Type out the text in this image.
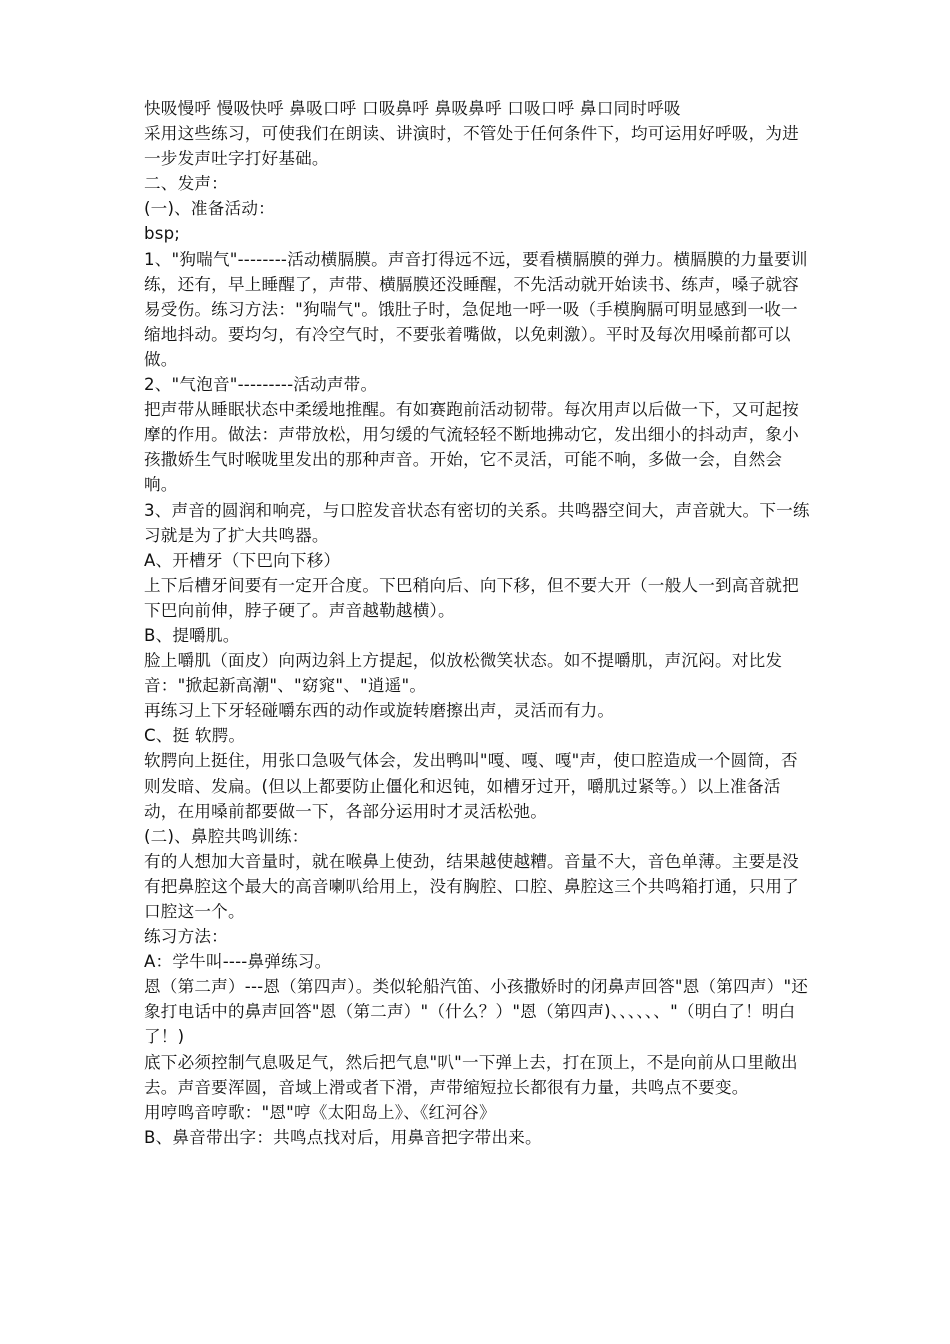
快吸慢呼 慢吸快呼 鼻吸口呼 口吸鼻呼 鼻吸鼻呼 口吸口呼 鼻口同时呼吸

采用这些练习，可使我们在朗读、讲演时，不管处于任何条件下，均可运用好呼吸，为进一步发声吐字打好基础。

二、发声：

(一)、准备活动：

bsp;

1、"狗喘气"--------活动横膈膜。声音打得远不远，要看横膈膜的弹力。横膈膜的力量要训练，还有，早上睡醒了，声带、横膈膜还没睡醒，不先活动就开始读书、练声，嗓子就容易受伤。练习方法："狗喘气"。饿肚子时，急促地一呼一吸（手模胸膈可明显感到一收一缩地抖动。要均匀，有冷空气时，不要张着嘴做，以免刺激）。平时及每次用嗓前都可以做。

2、"气泡音"---------活动声带。

把声带从睡眠状态中柔缓地推醒。有如赛跑前活动韧带。每次用声以后做一下，又可起按摩的作用。做法：声带放松，用匀缓的气流轻轻不断地拂动它，发出细小的抖动声，象小孩撒娇生气时喉咙里发出的那种声音。开始，它不灵活，可能不响，多做一会，自然会响。

3、声音的圆润和响亮，与口腔发音状态有密切的关系。共鸣器空间大，声音就大。下一练习就是为了扩大共鸣器。

A、开槽牙（下巴向下移）

上下后槽牙间要有一定开合度。下巴稍向后、向下移，但不要大开（一般人一到高音就把下巴向前伸，脖子硬了。声音越勒越横）。

B、提嚼肌。

脸上嚼肌（面皮）向两边斜上方提起，似放松微笑状态。如不提嚼肌，声沉闷。对比发音："掀起新高潮"、"窈窕"、"逍遥"。

再练习上下牙轻碰嚼东西的动作或旋转磨擦出声，灵活而有力。

C、挺 软腭。

软腭向上挺住，用张口急吸气体会，发出鸭叫"嘎、嘎、嘎"声，使口腔造成一个圆筒，否则发暗、发扁。(但以上都要防止僵化和迟钝，如槽牙过开，嚼肌过紧等。）以上准备活动，在用嗓前都要做一下，各部分运用时才灵活松弛。

(二)、鼻腔共鸣训练：

有的人想加大音量时，就在喉鼻上使劲，结果越使越糟。音量不大，音色单薄。主要是没有把鼻腔这个最大的高音喇叭给用上，没有胸腔、口腔、鼻腔这三个共鸣箱打通，只用了口腔这一个。

练习方法：

A：学牛叫----鼻弹练习。

恩（第二声）---恩（第四声）。类似轮船汽笛、小孩撒娇时的闭鼻声回答"恩（第四声）"还象打电话中的鼻声回答"恩（第二声）"（什么？）"恩（第四声)、、、、、、"（明白了！明白了！)

底下必须控制气息吸足气，然后把气息"叭"一下弹上去，打在顶上，不是向前从口里敞出去。声音要浑圆，音域上滑或者下滑，声带缩短拉长都很有力量，共鸣点不要变。

用哼鸣音哼歌："恩"哼《太阳岛上》、《红河谷》

B、鼻音带出字：共鸣点找对后，用鼻音把字带出来。
